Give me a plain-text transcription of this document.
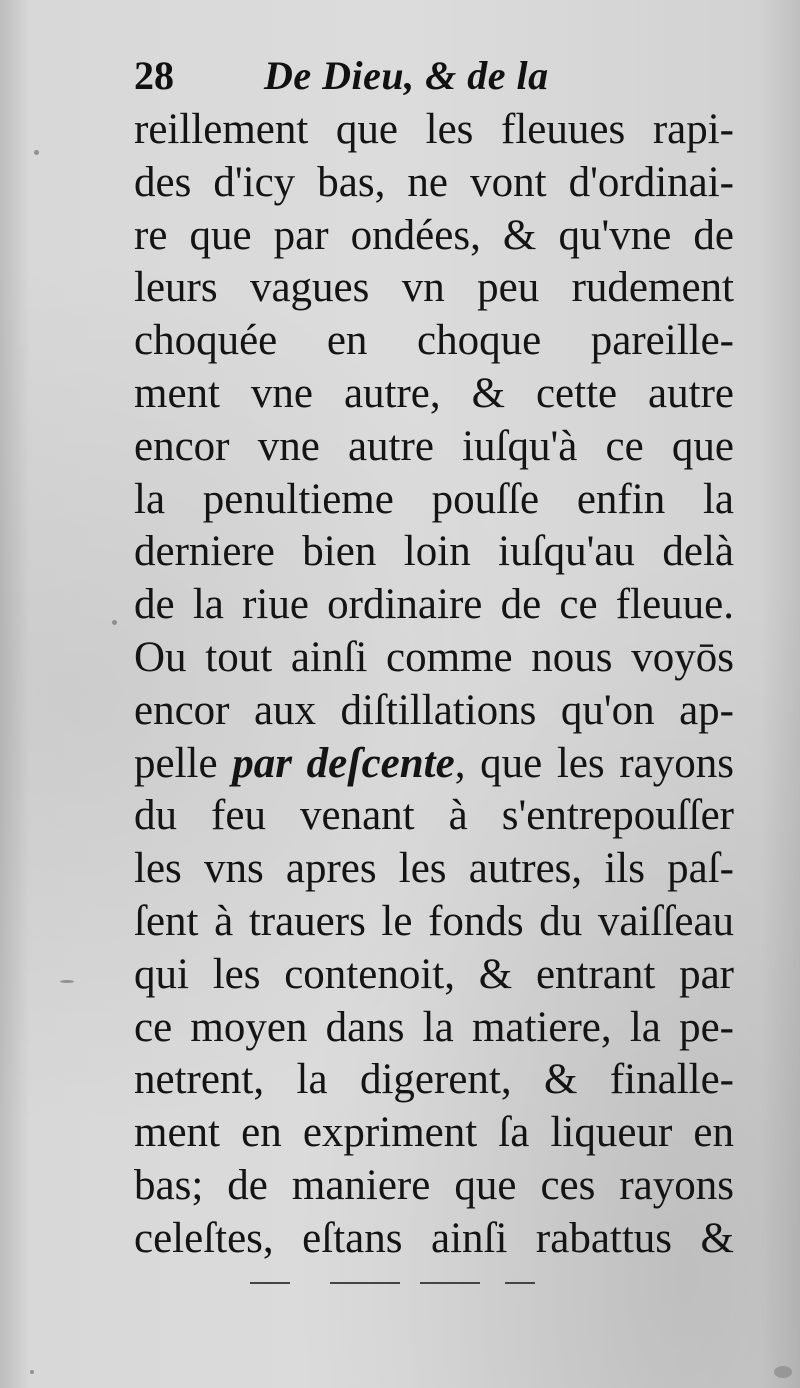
28 De Dieu, & de la
reillement que les fleuues rapi-
des d'icy bas, ne vont d'ordinai-
re que par ondées, & qu'vne de
leurs vagues vn peu rudement
choquée en choque pareille-
ment vne autre, & cette autre
encor vne autre iuſqu'à ce que
la penultieme pouſſe enfin la
derniere bien loin iuſqu'au delà
de la riue ordinaire de ce fleuue.
Ou tout ainſi comme nous voyōs
encor aux diſtillations qu'on ap-
pelle par deſcente, que les rayons
du feu venant à s'entrepouſſer
les vns apres les autres, ils paſ-
ſent à trauers le fonds du vaiſſeau
qui les contenoit, & entrant par
ce moyen dans la matiere, la pe-
netrent, la digerent, & finalle-
ment en expriment ſa liqueur en
bas; de maniere que ces rayons
celeſtes, eſtans ainſi rabattus &
